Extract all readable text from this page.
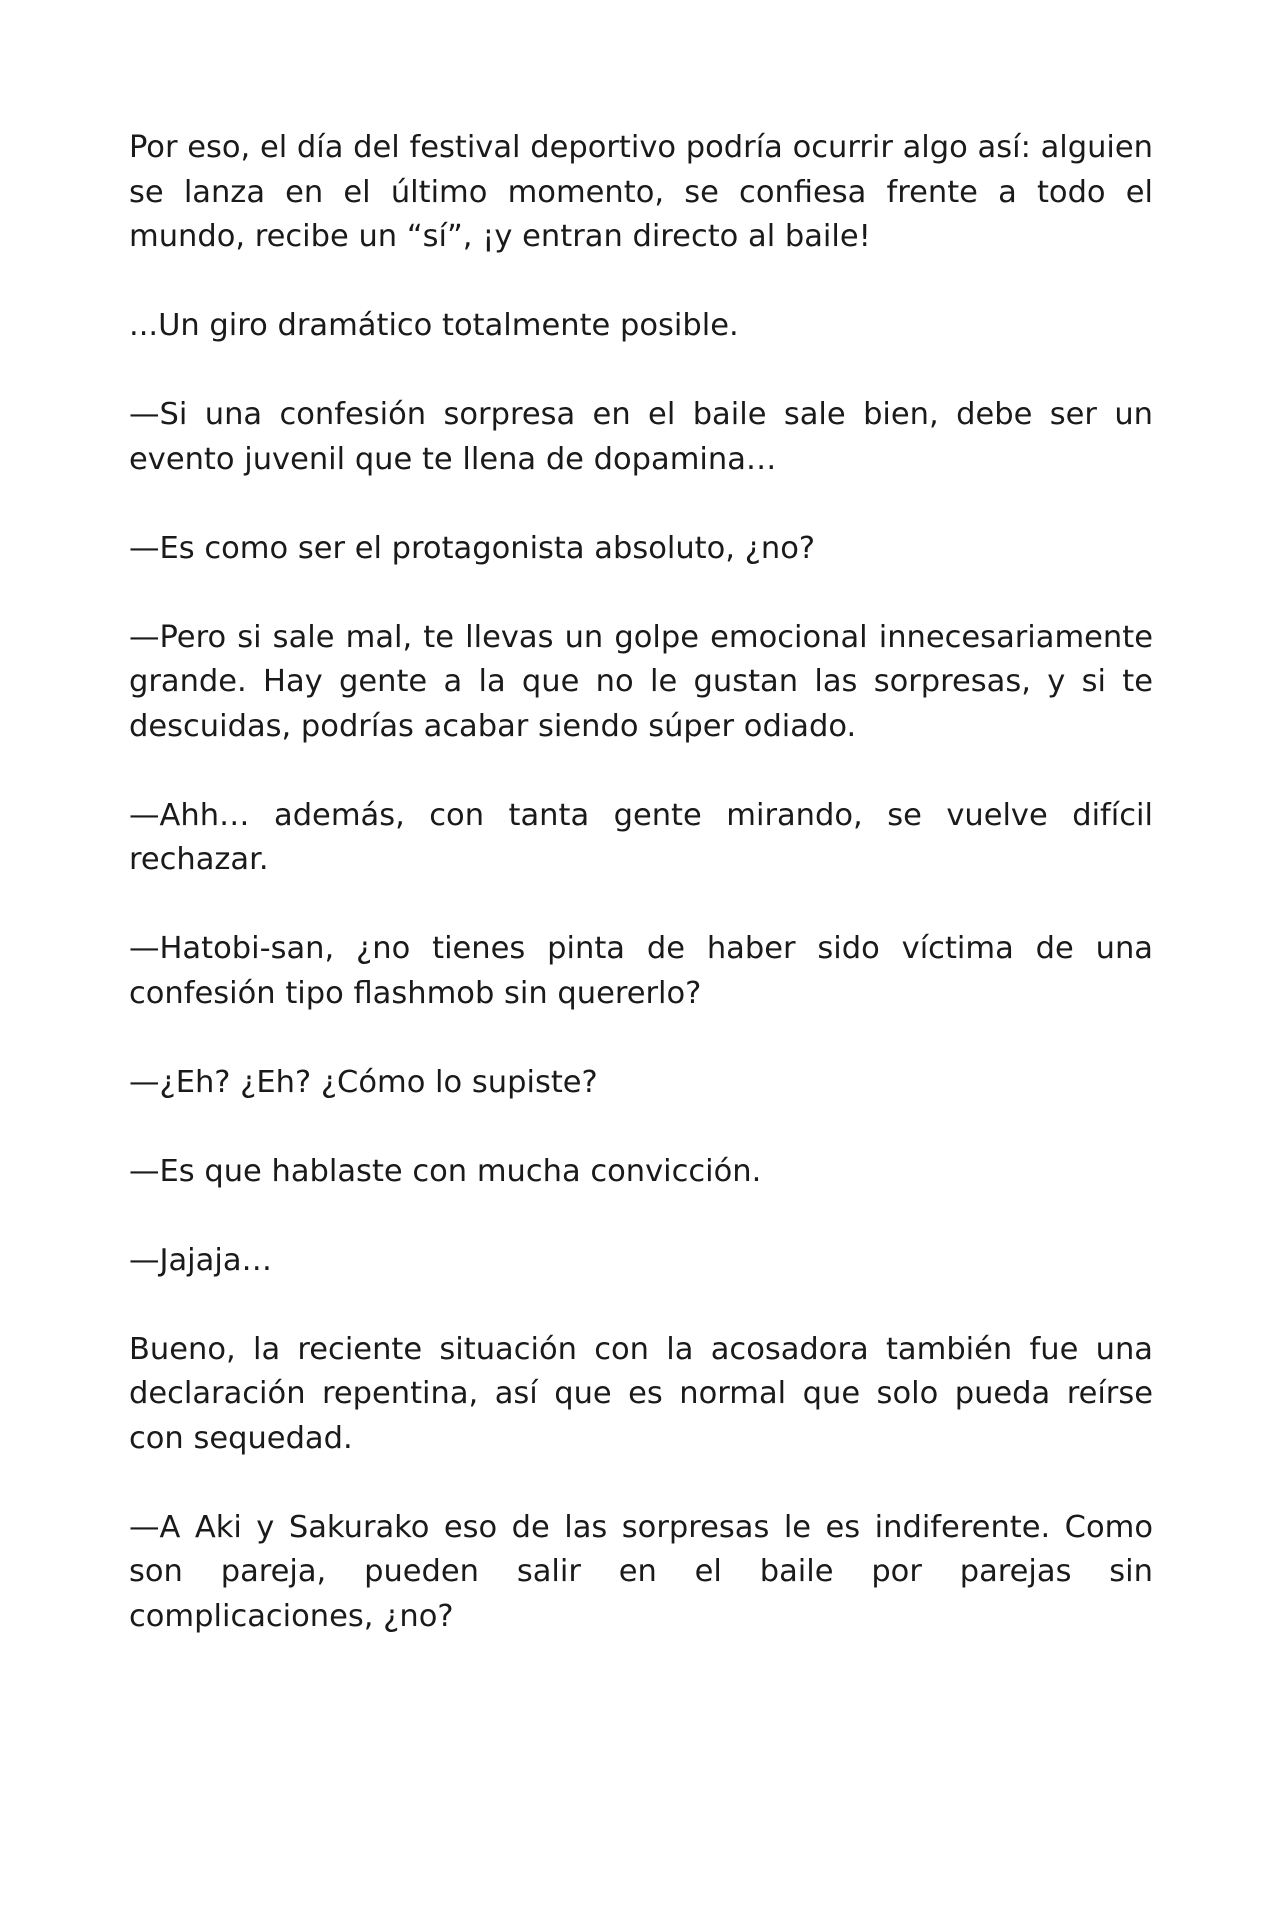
Por eso, el día del festival deportivo podría ocurrir algo así: alguien se lanza en el último momento, se confiesa frente a todo el mundo, recibe un “sí”, ¡y entran directo al baile!

...Un giro dramático totalmente posible.

—Si una confesión sorpresa en el baile sale bien, debe ser un evento juvenil que te llena de dopamina…

—Es como ser el protagonista absoluto, ¿no?

—Pero si sale mal, te llevas un golpe emocional innecesariamente grande. Hay gente a la que no le gustan las sorpresas, y si te descuidas, podrías acabar siendo súper odiado.

—Ahh… además, con tanta gente mirando, se vuelve difícil rechazar.

—Hatobi-san, ¿no tienes pinta de haber sido víctima de una confesión tipo flashmob sin quererlo?

—¿Eh? ¿Eh? ¿Cómo lo supiste?

—Es que hablaste con mucha convicción.

—Jajaja…

Bueno, la reciente situación con la acosadora también fue una declaración repentina, así que es normal que solo pueda reírse con sequedad.

—A Aki y Sakurako eso de las sorpresas le es indiferente. Como son pareja, pueden salir en el baile por parejas sin complicaciones, ¿no?
